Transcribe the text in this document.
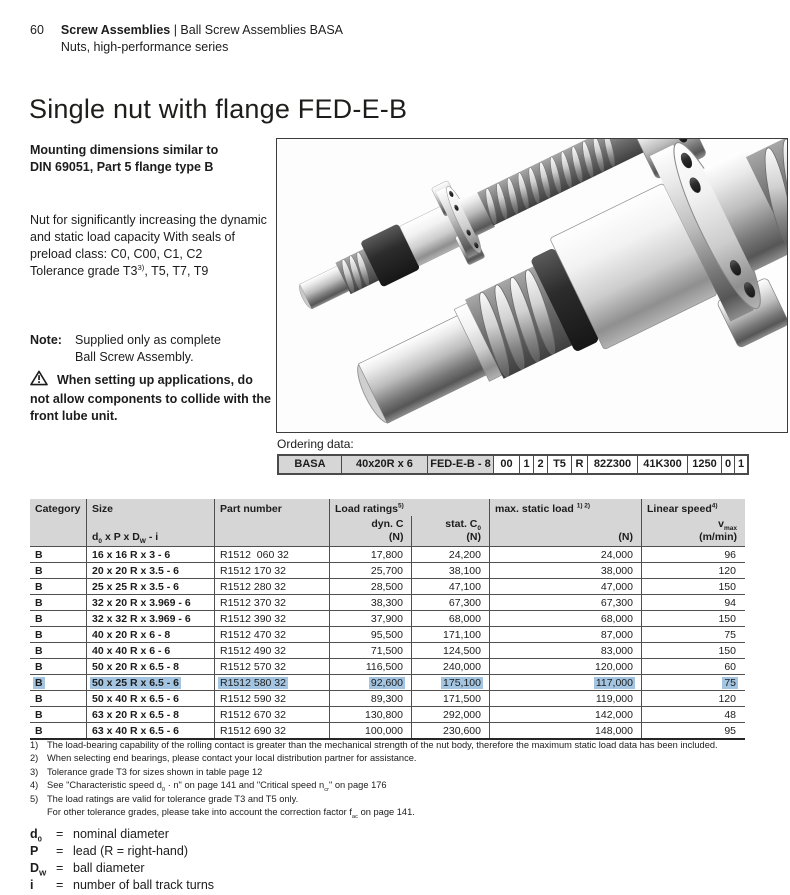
60 Screw Assemblies | Ball Screw Assemblies BASA
Nuts, high-performance series
Single nut with flange FED-E-B
Mounting dimensions similar to
DIN 69051, Part 5 flange type B
Nut for significantly increasing the dynamic
and static load capacity With seals of
preload class: C0, C00, C1, C2
Tolerance grade T3$^{3)}$, T5, T7, T9
Note:	Supplied only as complete
Ball Screw Assembly.
When setting up applications, do
not allow components to collide with the
front lube unit.
Ordering data:
BASA	40x20R x 6	FED-E-B - 8 00 1 2 T5 R 82Z300	41K300 1250 0 1
Category Size
$d_0$ x P x $D_W$ - i
Part number	Load ratings$^{5)}$
dyn. C
(N)
stat. $C_0$
(N)
max. static load $^{1) 2)}$
(N)
Linear speed$^{4)}$
$v_{max}$
(m/min)
B	16 x 16 R x 3 - 6	R1512  060 32	17,800	24,200	24,000	96
B	20 x 20 R x 3.5 - 6	R1512 170 32	25,700	38,100	38,000	120
B	25 x 25 R x 3.5 - 6	R1512 280 32	28,500	47,100	47,000	150
B	32 x 20 R x 3.969 - 6	R1512 370 32	38,300	67,300	67,300	94
B	32 x 32 R x 3.969 - 6	R1512 390 32	37,900	68,000	68,000	150
B	40 x 20 R x 6 - 8	R1512 470 32	95,500	171,100	87,000	75
B	40 x 40 R x 6 - 6	R1512 490 32	71,500	124,500	83,000	150
B	50 x 20 R x 6.5 - 8	R1512 570 32	116,500	240,000	120,000	60
B	50 x 25 R x 6.5 - 6	R1512 580 32	92,600	175,100	117,000	75
B	50 x 40 R x 6.5 - 6	R1512 590 32	89,300	171,500	119,000	120
B	63 x 20 R x 6.5 - 8	R1512 670 32	130,800	292,000	142,000	48
B	63 x 40 R x 6.5 - 6	R1512 690 32	100,000	230,600	148,000	95
1) The load-bearing capability of the rolling contact is greater than the mechanical strength of the nut body, therefore the maximum static load data has been included.
2) When selecting end bearings, please contact your local distribution partner for assistance.
3) Tolerance grade T3 for sizes shown in table page 12
4) See "Characteristic speed $d_0 \cdot n$" on page 141 and "Critical speed $n_{cr}$" on page 176
5) The load ratings are valid for tolerance grade T3 and T5 only.
For other tolerance grades, please take into account the correction factor $f_{ac}$ on page 141.
$d_0$	= nominal diameter
P	= lead (R = right-hand)
$D_W$ = ball diameter
i	= number of ball track turns
